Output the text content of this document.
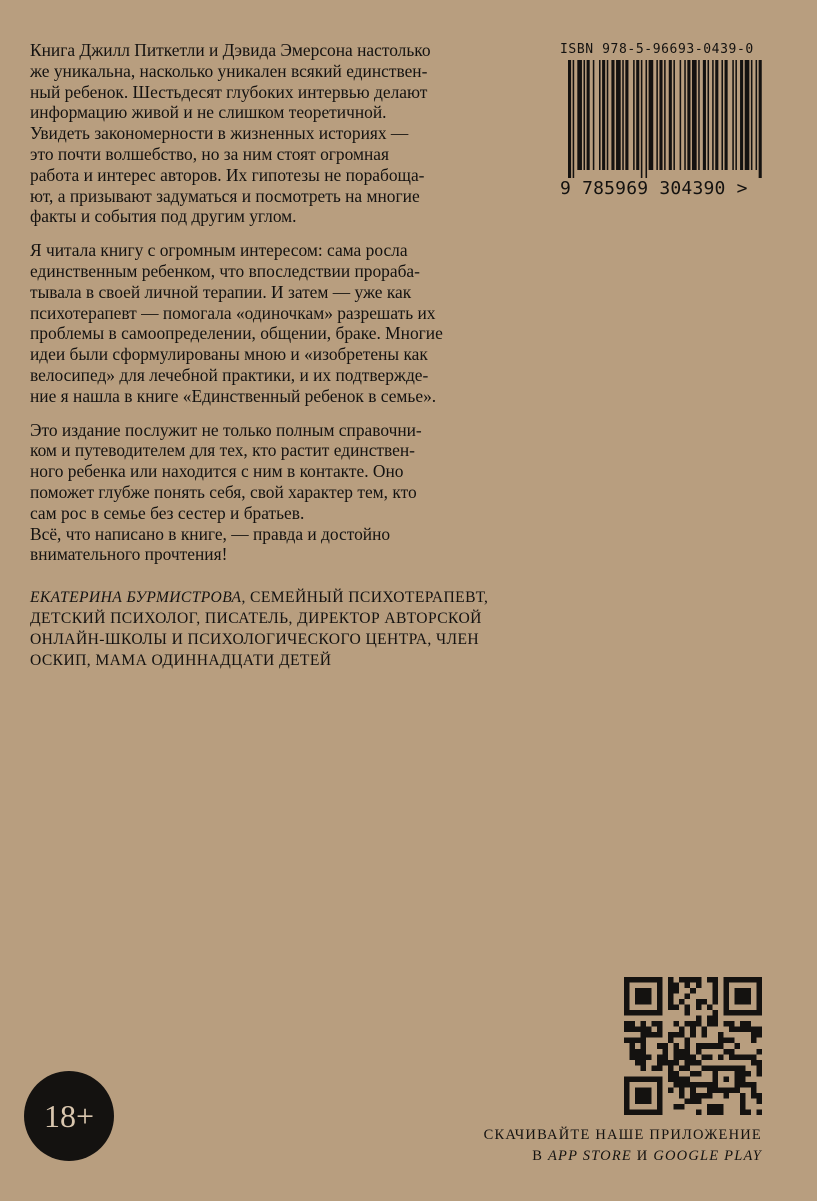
Книга Джилл Питкетли и Дэвида Эмерсона настолько
же уникальна, насколько уникален всякий единствен-
ный ребенок. Шестьдесят глубоких интервью делают
информацию живой и не слишком теоретичной.
Увидеть закономерности в жизненных историях —
это почти волшебство, но за ним стоят огромная
работа и интерес авторов. Их гипотезы не порабоща-
ют, а призывают задуматься и посмотреть на многие
факты и события под другим углом.

Я читала книгу с огромным интересом: сама росла
единственным ребенком, что впоследствии прораба-
тывала в своей личной терапии. И затем — уже как
психотерапевт — помогала «одиночкам» разрешать их
проблемы в самоопределении, общении, браке. Многие
идеи были сформулированы мною и «изобретены как
велосипед» для лечебной практики, и их подтвержде-
ние я нашла в книге «Единственный ребенок в семье».

Это издание послужит не только полным справочни-
ком и путеводителем для тех, кто растит единствен-
ного ребенка или находится с ним в контакте. Оно
поможет глубже понять себя, свой характер тем, кто
сам рос в семье без сестер и братьев.
Всё, что написано в книге, — правда и достойно
внимательного прочтения!

ЕКАТЕРИНА БУРМИСТРОВА, СЕМЕЙНЫЙ ПСИХОТЕРАПЕВТ,
ДЕТСКИЙ ПСИХОЛОГ, ПИСАТЕЛЬ, ДИРЕКТОР АВТОРСКОЙ
ОНЛАЙН-ШКОЛЫ И ПСИХОЛОГИЧЕСКОГО ЦЕНТРА, ЧЛЕН
ОСКИП, МАМА ОДИННАДЦАТИ ДЕТЕЙ
ISBN 978-5-96693-0439-0
9 785969 304390 >
18+
СКАЧИВАЙТЕ НАШЕ ПРИЛОЖЕНИЕ
В APP STORE И GOOGLE PLAY
